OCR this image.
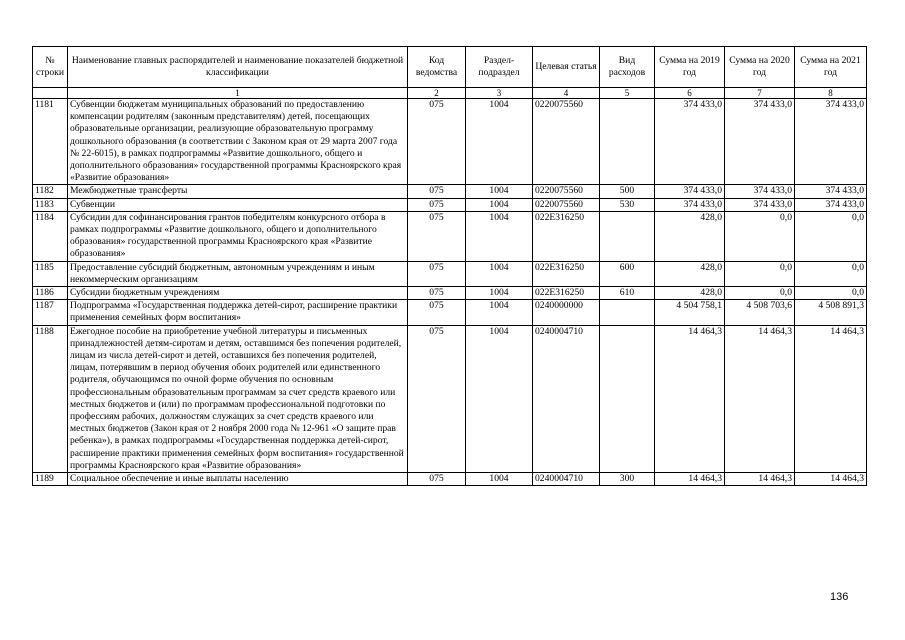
№ строки	Наименование главных распорядителей и наименование показателей бюджетной классификации	Код ведомства	Раздел-подраздел	Целевая статья	Вид расходов	Сумма на 2019 год	Сумма на 2020 год	Сумма на 2021 год
	1	2	3	4	5	6	7	8
1181	Субвенции бюджетам муниципальных образований по предоставлению компенсации родителям (законным представителям) детей, посещающих образовательные организации, реализующие образовательную программу дошкольного образования (в соответствии с Законом края от 29 марта 2007 года № 22-6015), в рамках подпрограммы «Развитие дошкольного, общего и дополнительного образования» государственной программы Красноярского края «Развитие образования»	075	1004	0220075560		374 433,0	374 433,0	374 433,0
1182	Межбюджетные трансферты	075	1004	0220075560	500	374 433,0	374 433,0	374 433,0
1183	Субвенции	075	1004	0220075560	530	374 433,0	374 433,0	374 433,0
1184	Субсидии для софинансирования грантов победителям конкурсного отбора в рамках подпрограммы «Развитие дошкольного, общего и дополнительного образования» государственной программы Красноярского края «Развитие образования»	075	1004	022Е316250		428,0	0,0	0,0
1185	Предоставление субсидий бюджетным, автономным учреждениям и иным некоммерческим организациям	075	1004	022Е316250	600	428,0	0,0	0,0
1186	Субсидии бюджетным учреждениям	075	1004	022Е316250	610	428,0	0,0	0,0
1187	Подпрограмма «Государственная поддержка детей-сирот, расширение практики применения семейных форм воспитания»	075	1004	0240000000		4 504 758,1	4 508 703,6	4 508 891,3
1188	Ежегодное пособие на приобретение учебной литературы и письменных принадлежностей детям-сиротам и детям, оставшимся без попечения родителей, лицам из числа детей-сирот и детей, оставшихся без попечения родителей, лицам, потерявшим в период обучения обоих родителей или единственного родителя, обучающимся по очной форме обучения по основным профессиональным образовательным программам за счет средств краевого или местных бюджетов и (или) по программам профессиональной подготовки по профессиям рабочих, должностям служащих за счет средств краевого или местных бюджетов (Закон края от 2 ноября 2000 года № 12-961 «О защите прав ребенка»), в рамках подпрограммы «Государственная поддержка детей-сирот, расширение практики применения семейных форм воспитания» государственной программы Красноярского края «Развитие образования»	075	1004	0240004710		14 464,3	14 464,3	14 464,3
1189	Социальное обеспечение и иные выплаты населению	075	1004	0240004710	300	14 464,3	14 464,3	14 464,3
136
